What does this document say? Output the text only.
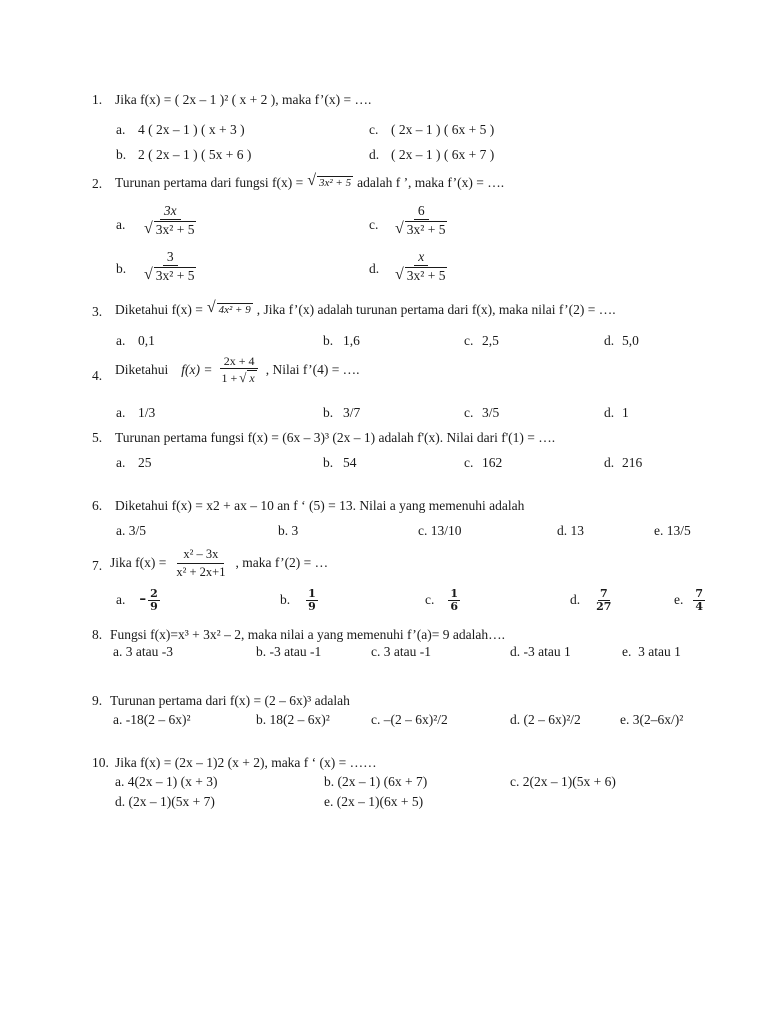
1. Jika f(x) = ( 2x – 1 )² ( x + 2 ), maka f’(x) = ….
a. 4 ( 2x – 1 ) ( x + 3 )	c. ( 2x – 1 ) ( 6x + 5 )
b. 2 ( 2x – 1 ) ( 5x + 6 )	d. ( 2x – 1 ) ( 6x + 7 )
2. Turunan pertama dari fungsi f(x) = √ 3x² + 5 adalah f ’, maka f’(x) = ….
a. $\frac{3x}{\text{√ 3x² + 5}}$	c. $\frac{6}{\text{√ 3x² + 5}}$
b. $\frac{3}{\text{√ 3x² + 5}}$	d. $\frac{x}{\text{√ 3x² + 5}}$
3. Diketahui f(x) = √ 4x² + 9 , Jika f’(x) adalah turunan pertama dari f(x), maka nilai f’(2) = ….
a. 0,1	b. 1,6	c. 2,5	d. 5,0
4. Diketahui $f(x) = \frac{2x + 4}{1 + √ x}$ , Nilai f’(4) = ….
a. 1/3	b. 3/7	c. 3/5	d. 1
5. Turunan pertama fungsi f(x) = (6x – 3)³ (2x – 1) adalah f'(x). Nilai dari f'(1) = ….
a. 25	b. 54	c. 162	d. 216
6. Diketahui f(x) = x2 + ax – 10 an f ‘ (5) = 13. Nilai a yang memenuhi adalah
a. 3/5	b. 3	c. 13/10	d. 13	e. 13/5
7. Jika $f(x) = \frac{\text{x² – 3x}}{\text{x² + 2x+1}}$ , maka f’(2) = …
a. – $\frac{2}{9}$	b. $\frac{1}{9}$	c. $\frac{1}{6}$	d. $\frac{7}{27}$	e. $\frac{7}{4}$
8. Fungsi f(x)=x³ + 3x² – 2, maka nilai a yang memenuhi f’(a)= 9 adalah….
a. 3 atau -3	b. -3 atau -1	c. 3 atau -1	d. -3 atau 1	e. 3 atau 1
9. Turunan pertama dari f(x) = (2 – 6x)³ adalah
a. -18(2 – 6x)²	b. 18(2 – 6x)²	c. –(2 – 6x)²/2	d. (2 – 6x)²/2	e. 3(2–6x/)²
10. Jika f(x) = (2x – 1)2 (x + 2), maka f ‘ (x) = ……
a. 4(2x – 1) (x + 3)	b. (2x – 1) (6x + 7)	c. 2(2x – 1)(5x + 6)
d. (2x – 1)(5x + 7)	e. (2x – 1)(6x + 5)
